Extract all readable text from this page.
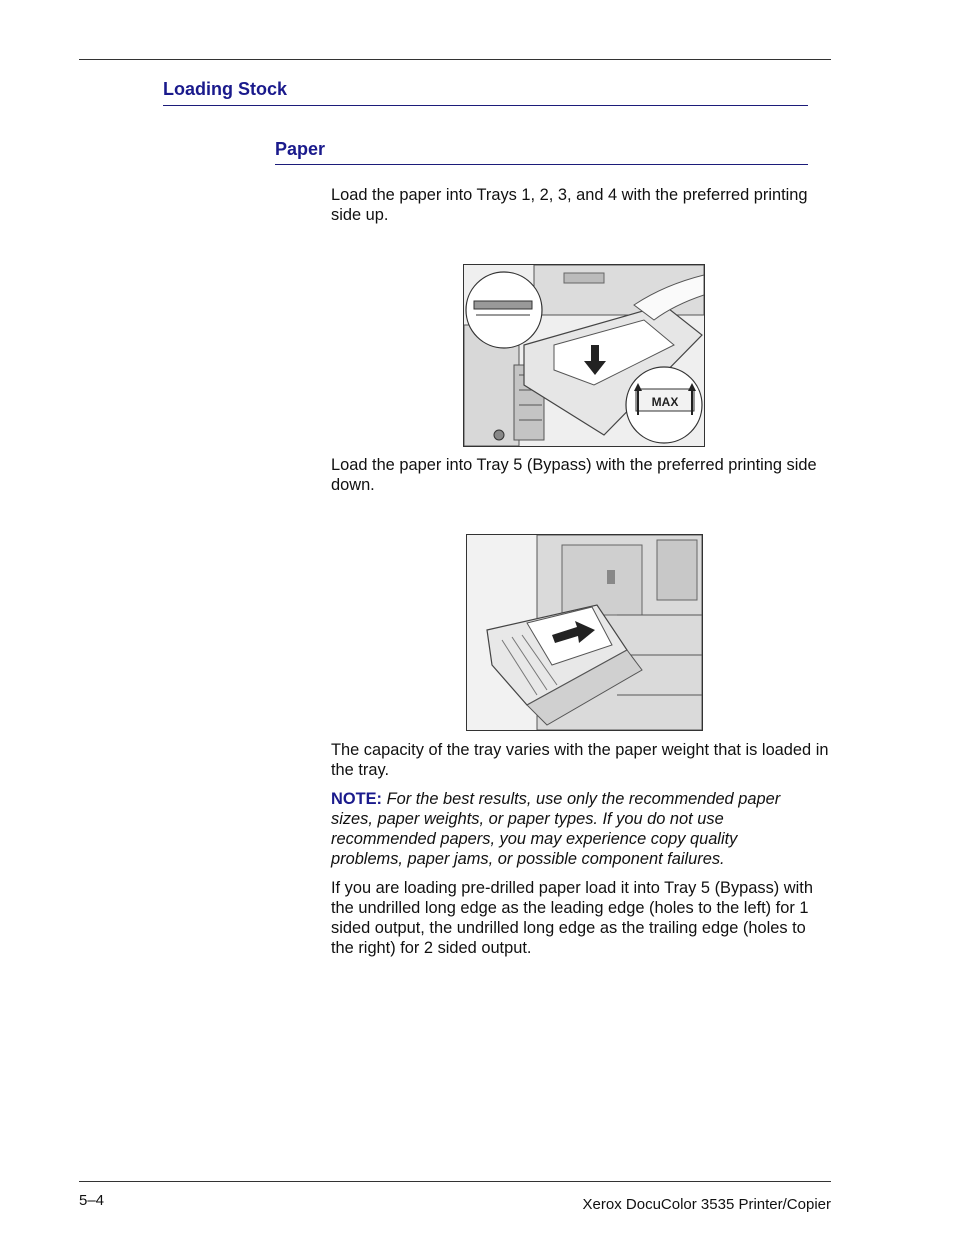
Loading Stock
Paper
Load the paper into Trays 1, 2, 3, and 4 with the preferred printing side up.
MAX
Load the paper into Tray 5 (Bypass) with the preferred printing side down.
The capacity of the tray varies with the paper weight that is loaded in the tray.
NOTE: For the best results, use only the recommended paper sizes, paper weights, or paper types. If you do not use recommended papers, you may experience copy quality problems, paper jams, or possible component failures.
If you are loading pre-drilled paper load it into Tray 5 (Bypass) with the undrilled long edge as the leading edge (holes to the left) for 1 sided output, the undrilled long edge as the trailing edge (holes to the right) for 2 sided output.
5–4	Xerox DocuColor 3535 Printer/Copier
